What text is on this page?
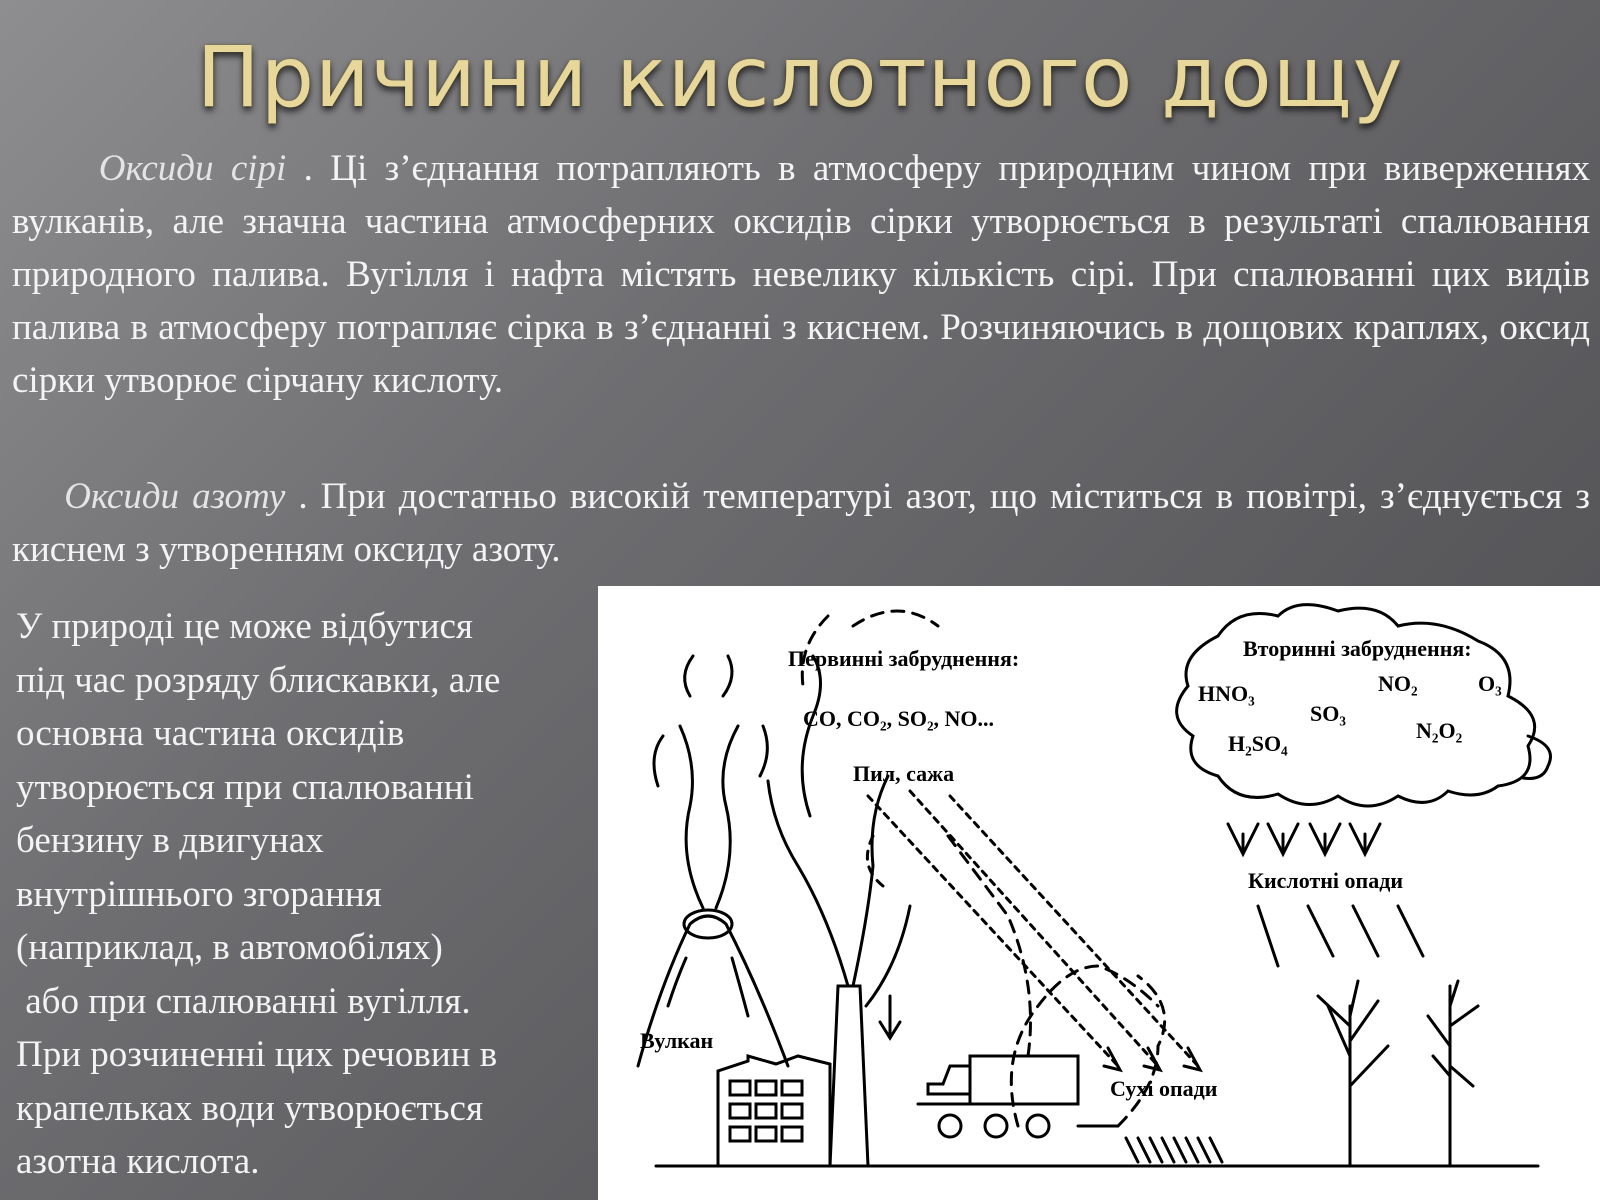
Причини кислотного дощу

Оксиди сірі . Ці з’єднання потрапляють в атмосферу природним чином при виверженнях вулканів, але значна частина атмосферних оксидів сірки утворюється в результаті спалювання природного палива. Вугілля і нафта містять невелику кількість сірі. При спалюванні цих видів палива в атмосферу потрапляє сірка в з’єднанні з киснем. Розчиняючись в дощових краплях, оксид сірки утворює сірчану кислоту.

Оксиди азоту . При достатньо високій температурі азот, що міститься в повітрі, з’єднується з киснем з утворенням оксиду азоту.

У природі це може відбутися
під час розряду блискавки, але
основна частина оксидів
утворюється при спалюванні
бензину в двигунах
внутрішнього згорання
(наприклад, в автомобілях)
або при спалюванні вугілля.
При розчиненні цих речовин в
крапельках води утворюється
азотна кислота.
Первинні забруднення:
CO, CO₂, SO₂, NO...
Пил, сажа
Вторинні забруднення:
HNO₃	NO₂	O₃
SO₃
H₂SO₄
N₂O₂
Кислотні опади
Сухі опади
Вулкан
